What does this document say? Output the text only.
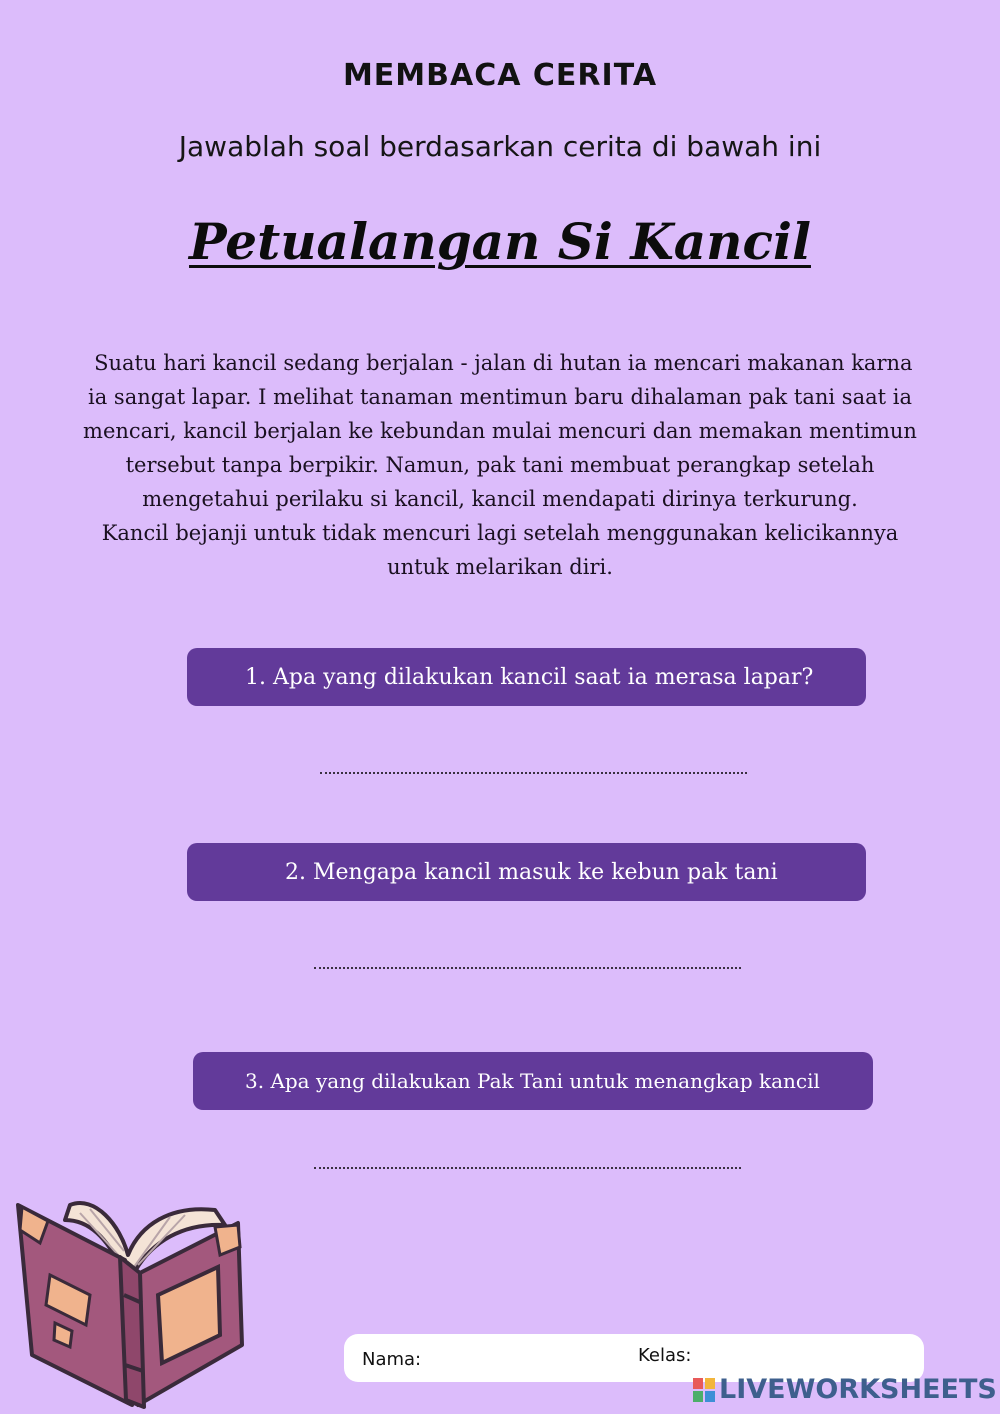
MEMBACA CERITA
Jawablah soal berdasarkan cerita di bawah ini
Petualangan Si Kancil
Suatu hari kancil sedang berjalan - jalan di hutan ia mencari makanan karna
ia sangat lapar. I melihat tanaman mentimun baru dihalaman pak tani saat ia
mencari, kancil berjalan ke kebundan mulai mencuri dan memakan mentimun
tersebut tanpa berpikir. Namun, pak tani membuat perangkap setelah
mengetahui perilaku si kancil, kancil mendapati dirinya terkurung.
Kancil bejanji untuk tidak mencuri lagi setelah menggunakan kelicikannya
untuk melarikan diri.
1. Apa yang dilakukan kancil saat ia merasa lapar?
2. Mengapa kancil masuk ke kebun pak tani
3. Apa yang dilakukan Pak Tani untuk menangkap kancil
Nama:	Kelas:
LIVEWORKSHEETS
